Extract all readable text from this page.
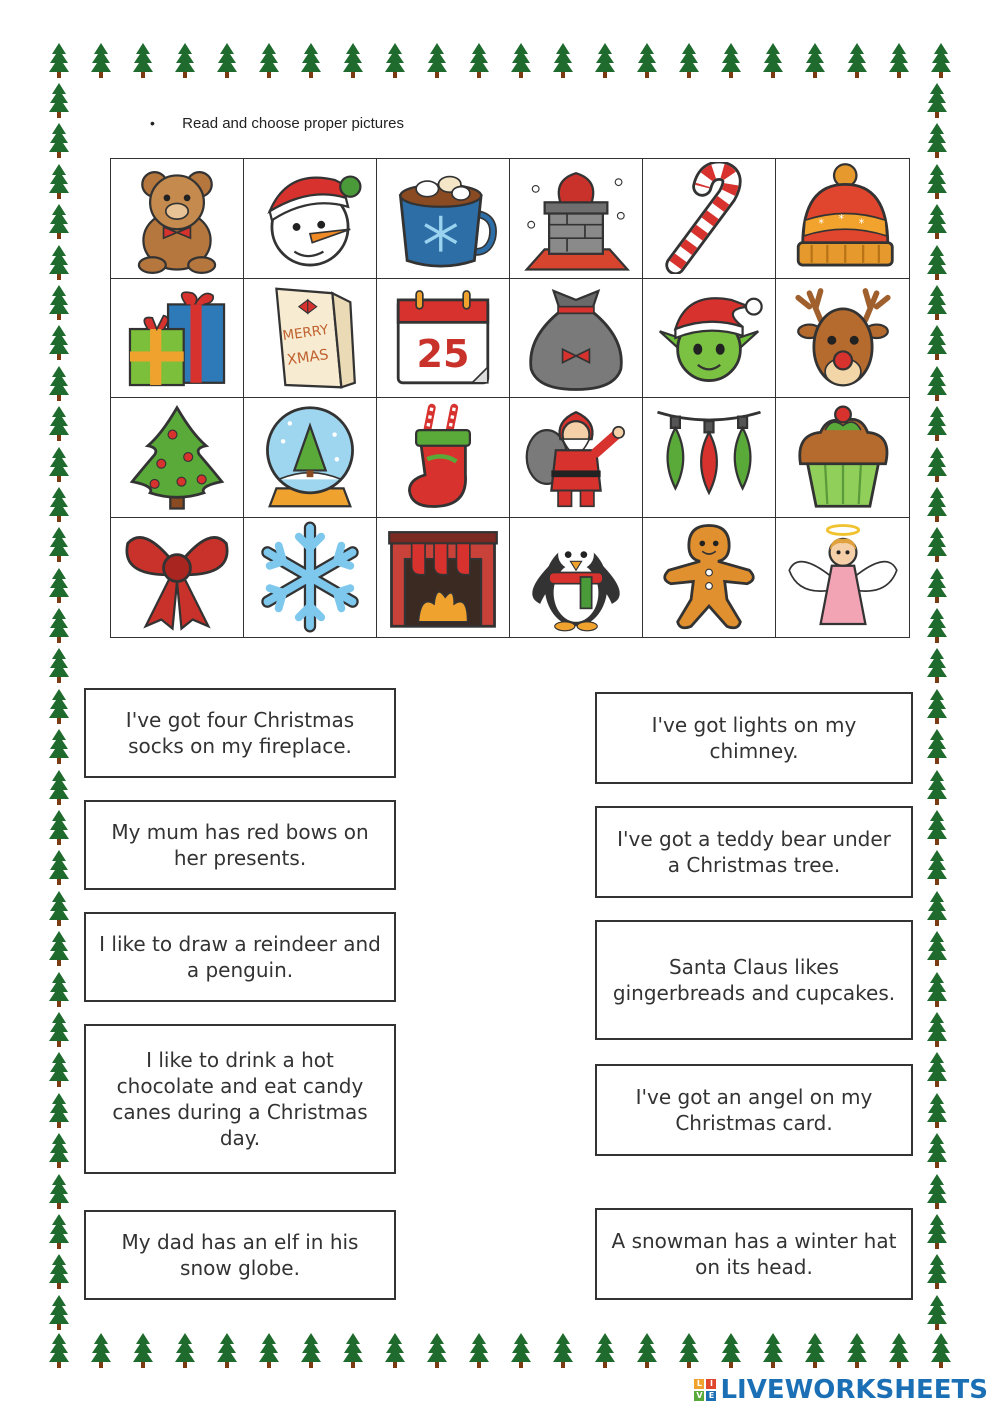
• Read and choose proper pictures
* * *
MERRY
XMAS	25
I've got four Christmas socks on my fireplace.
My mum has red bows on her presents.
I like to draw a reindeer and a penguin.
I like to drink a hot chocolate and eat candy canes during a Christmas day.
My dad has an elf in his snow globe.
I've got lights on my chimney.
I've got a teddy bear under a Christmas tree.
Santa Claus likes gingerbreads and cupcakes.
I've got an angel on my Christmas card.
A snowman has a winter hat on its head.
L I
V E LIVEWORKSHEETS
